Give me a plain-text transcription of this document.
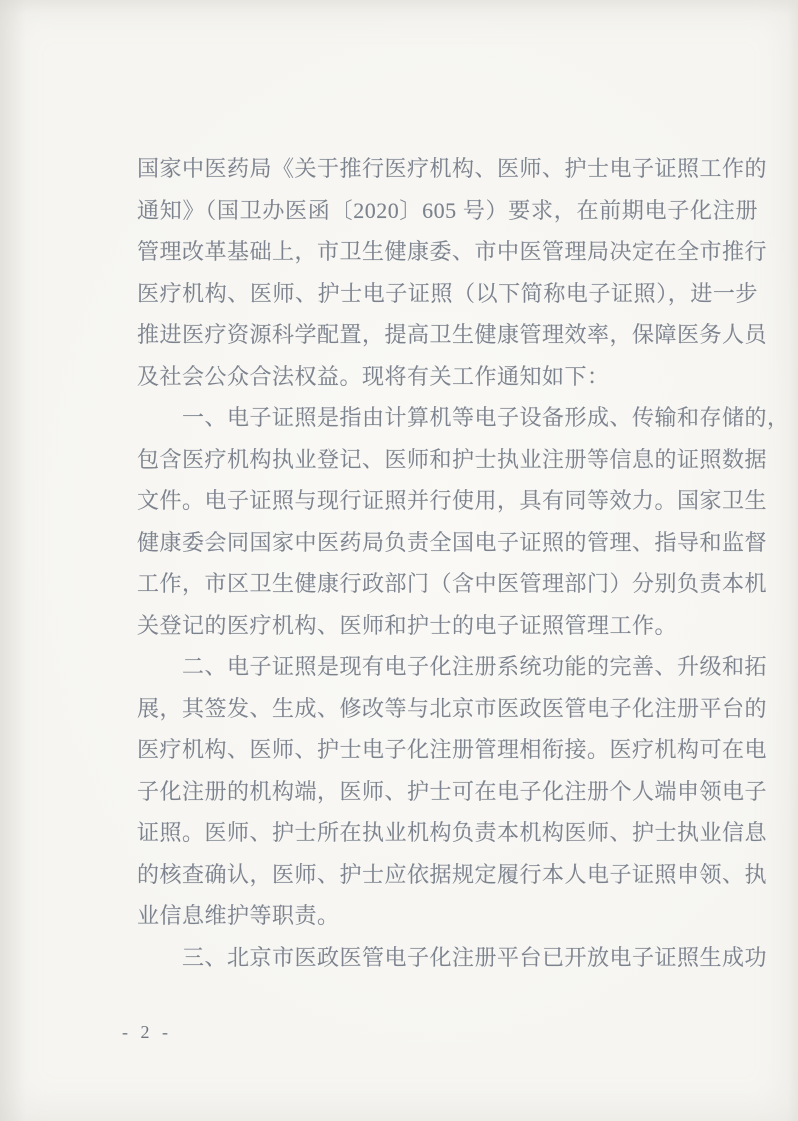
国家中医药局《关于推行医疗机构、医师、护士电子证照工作的
通知》（国卫办医函〔2020〕605 号）要求，在前期电子化注册
管理改革基础上，市卫生健康委、市中医管理局决定在全市推行
医疗机构、医师、护士电子证照（以下简称电子证照），进一步
推进医疗资源科学配置，提高卫生健康管理效率，保障医务人员
及社会公众合法权益。现将有关工作通知如下：
一、电子证照是指由计算机等电子设备形成、传输和存储的，
包含医疗机构执业登记、医师和护士执业注册等信息的证照数据
文件。电子证照与现行证照并行使用，具有同等效力。国家卫生
健康委会同国家中医药局负责全国电子证照的管理、指导和监督
工作，市区卫生健康行政部门（含中医管理部门）分别负责本机
关登记的医疗机构、医师和护士的电子证照管理工作。
二、电子证照是现有电子化注册系统功能的完善、升级和拓
展，其签发、生成、修改等与北京市医政医管电子化注册平台的
医疗机构、医师、护士电子化注册管理相衔接。医疗机构可在电
子化注册的机构端，医师、护士可在电子化注册个人端申领电子
证照。医师、护士所在执业机构负责本机构医师、护士执业信息
的核查确认，医师、护士应依据规定履行本人电子证照申领、执
业信息维护等职责。
三、北京市医政医管电子化注册平台已开放电子证照生成功
- 2 -
